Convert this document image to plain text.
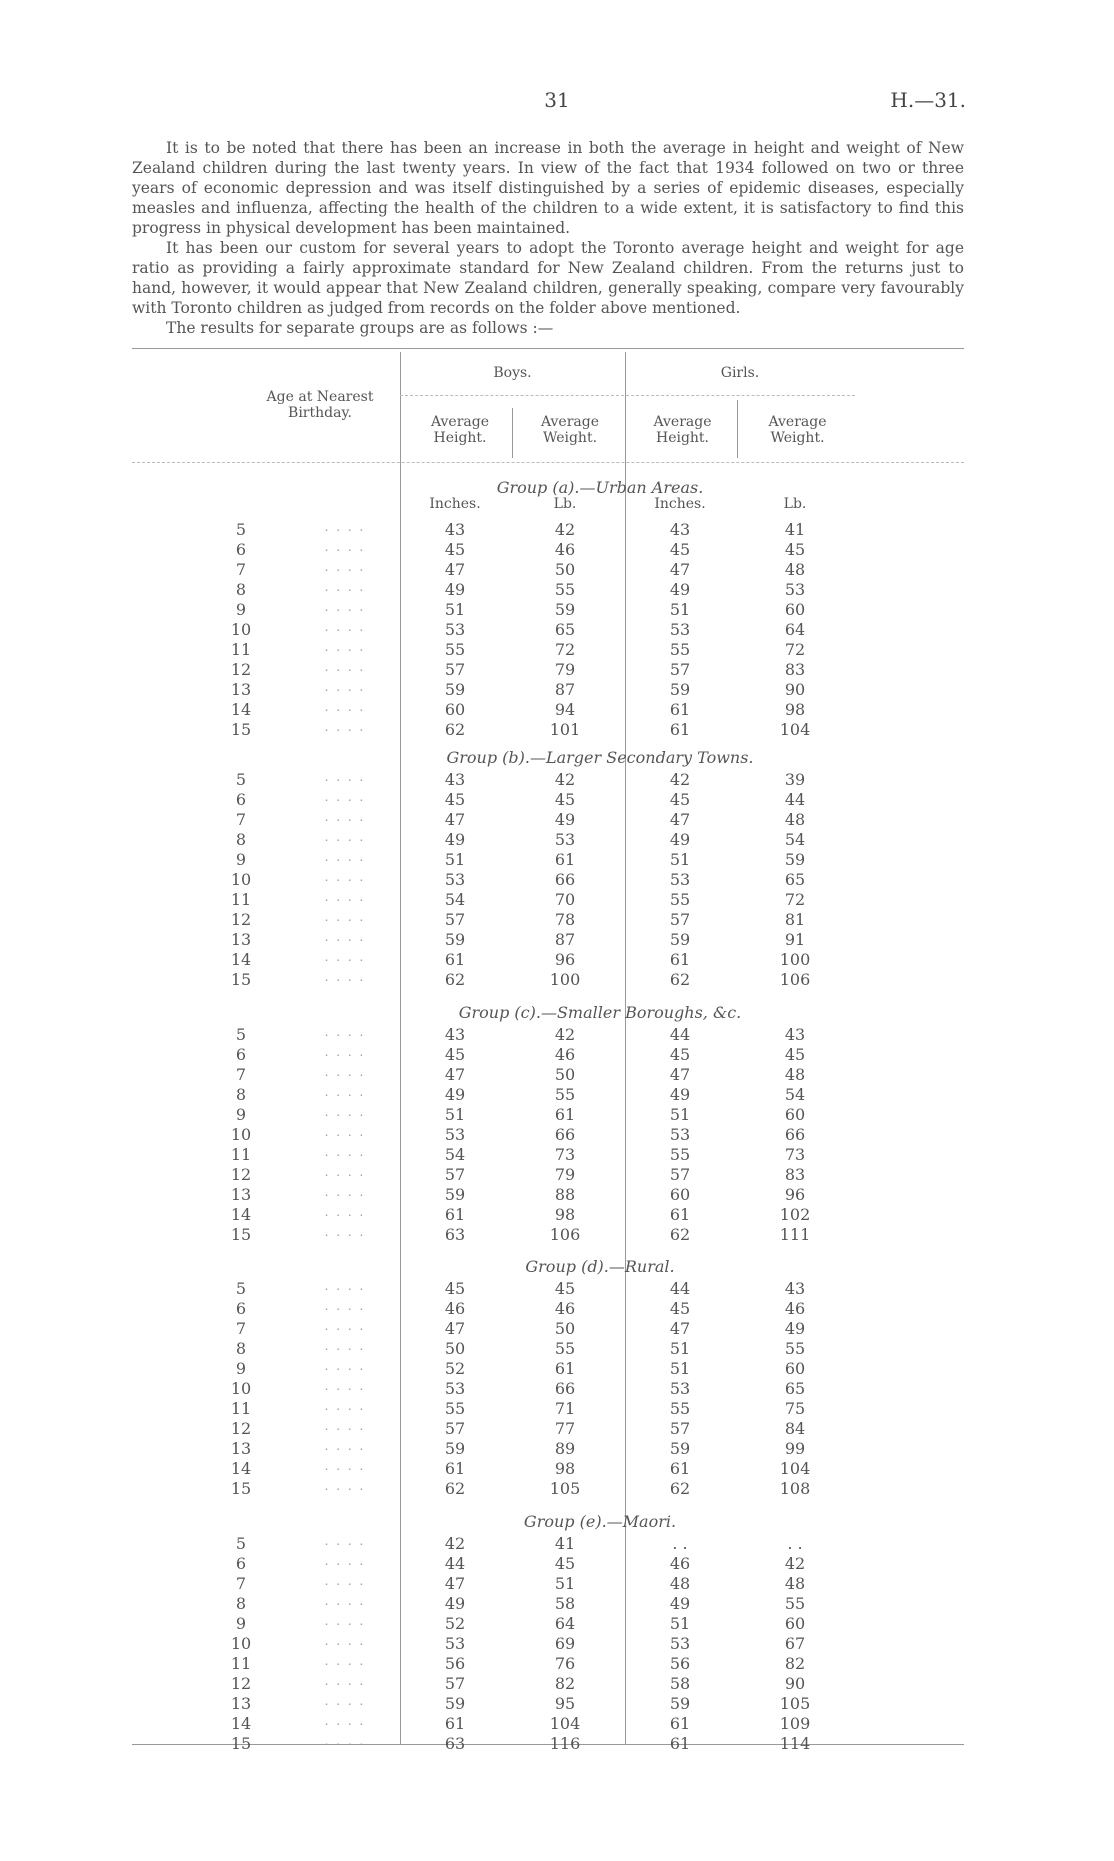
31	H.—31.

It is to be noted that there has been an increase in both the average in height and weight of New Zealand children during the last twenty years. In view of the fact that 1934 followed on two or three years of economic depression and was itself distinguished by a series of epidemic diseases, especially measles and influenza, affecting the health of the children to a wide extent, it is satisfactory to find this progress in physical development has been maintained.

It has been our custom for several years to adopt the Toronto average height and weight for age ratio as providing a fairly approximate standard for New Zealand children. From the returns just to hand, however, it would appear that New Zealand children, generally speaking, compare very favourably with Toronto children as judged from records on the folder above mentioned.

The results for separate groups are as follows :—

Age at Nearest Birthday.
Boys.	Girls.
Average Height.
Average Weight.
Average Height.
Average Weight.
Inches.	Lb.	Inches.	Lb.
Group (a).—Urban Areas.
. . . .
5	43	42	43	41
. . . .
6	45	46	45	45
. . . .
7	47	50	47	48
. . . .
8	49	55	49	53
. . . .
9	51	59	51	60
. . . .
10	53	65	53	64
. . . .
11	55	72	55	72
. . . .
12	57	79	57	83
. . . .
13	59	87	59	90
. . . .
14	60	94	61	98
. . . .
15	62	101	61	104
Group (b).—Larger Secondary Towns.
. . . .
5	43	42	42	39
. . . .
6	45	45	45	44
. . . .
7	47	49	47	48
. . . .
8	49	53	49	54
. . . .
9	51	61	51	59
. . . .
10	53	66	53	65
. . . .
11	54	70	55	72
. . . .
12	57	78	57	81
. . . .
13	59	87	59	91
. . . .
14	61	96	61	100
. . . .
15	62	100	62	106
Group (c).—Smaller Boroughs, &c.
. . . .
5	43	42	44	43
. . . .
6	45	46	45	45
. . . .
7	47	50	47	48
. . . .
8	49	55	49	54
. . . .
9	51	61	51	60
. . . .
10	53	66	53	66
. . . .
11	54	73	55	73
. . . .
12	57	79	57	83
. . . .
13	59	88	60	96
. . . .
14	61	98	61	102
. . . .
15	63	106	62	111
Group (d).—Rural.
. . . .
5	45	45	44	43
. . . .
6	46	46	45	46
. . . .
7	47	50	47	49
. . . .
8	50	55	51	55
. . . .
9	52	61	51	60
. . . .
10	53	66	53	65
. . . .
11	55	71	55	75
. . . .
12	57	77	57	84
. . . .
13	59	89	59	99
. . . .
14	61	98	61	104
. . . .
15	62	105	62	108
Group (e).—Maori.
. . . .
5	42	41	. .	. .
. . . .
6	44	45	46	42
. . . .
7	47	51	48	48
. . . .
8	49	58	49	55
. . . .
9	52	64	51	60
. . . .
10	53	69	53	67
. . . .
11	56	76	56	82
. . . .
12	57	82	58	90
. . . .
13	59	95	59	105
. . . .
14	61	104	61	109
. . . .
15	63	116	61	114
